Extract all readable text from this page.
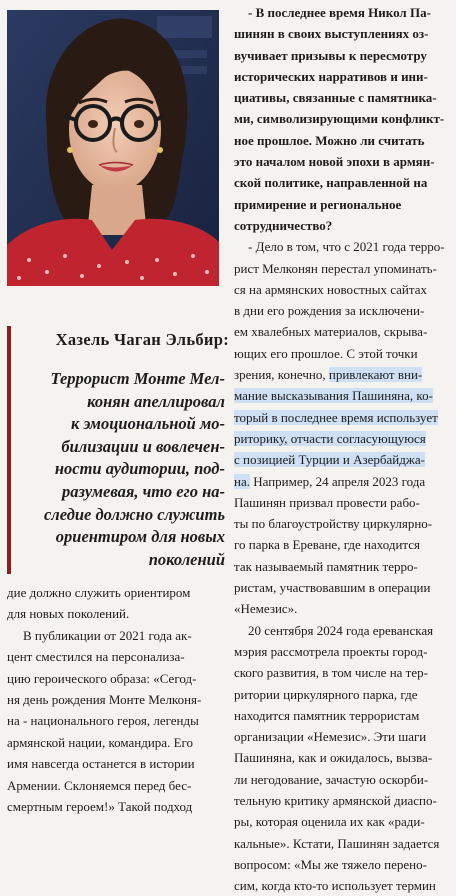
Хазель Чаган Эльбир:
Террорист Монте Мел-
конян апеллировал
к эмоциональной мо-
билизации и вовлечен-
ности аудитории, под-
разумевая, что его на-
следие должно служить
ориентиром для новых
поколений
дие должно служить ориентиром
для новых поколений.
В публикации от 2021 года ак-
цент сместился на персонализа-
цию героического образа: «Сегод-
ня день рождения Монте Мелконя-
на - национального героя, легенды
армянской нации, командира. Его
имя навсегда останется в истории
Армении. Склоняемся перед бес-
смертным героем!» Такой подход
- В последнее время Никол Па-
шинян в своих выступлениях оз-
вучивает призывы к пересмотру
исторических нарративов и ини-
циативы, связанные с памятника-
ми, символизирующими конфликт-
ное прошлое. Можно ли считать
это началом новой эпохи в армян-
ской политике, направленной на
примирение и региональное
сотрудничество?
- Дело в том, что с 2021 года терро-
рист Мелконян перестал упоминать-
ся на армянских новостных сайтах
в дни его рождения за исключени-
ем хвалебных материалов, скрыва-
ющих его прошлое. С этой точки
зрения, конечно, привлекают вни-
мание высказывания Пашиняна, ко-
торый в последнее время использует
риторику, отчасти согласующуюся
с позицией Турции и Азербайджа-
на. Например, 24 апреля 2023 года
Пашинян призвал провести рабо-
ты по благоустройству циркулярно-
го парка в Ереване, где находится
так называемый памятник терро-
ристам, участвовавшим в операции
«Немезис».
20 сентября 2024 года ереванская
мэрия рассмотрела проекты город-
ского развития, в том числе на тер-
ритории циркулярного парка, где
находится памятник террористам
организации «Немезис». Эти шаги
Пашиняна, как и ожидалось, вызва-
ли негодование, зачастую оскорби-
тельную критику армянской диаспо-
ры, которая оценила их как «ради-
кальные». Кстати, Пашинян задается
вопросом: «Мы же тяжело перено-
сим, когда кто-то использует термин
